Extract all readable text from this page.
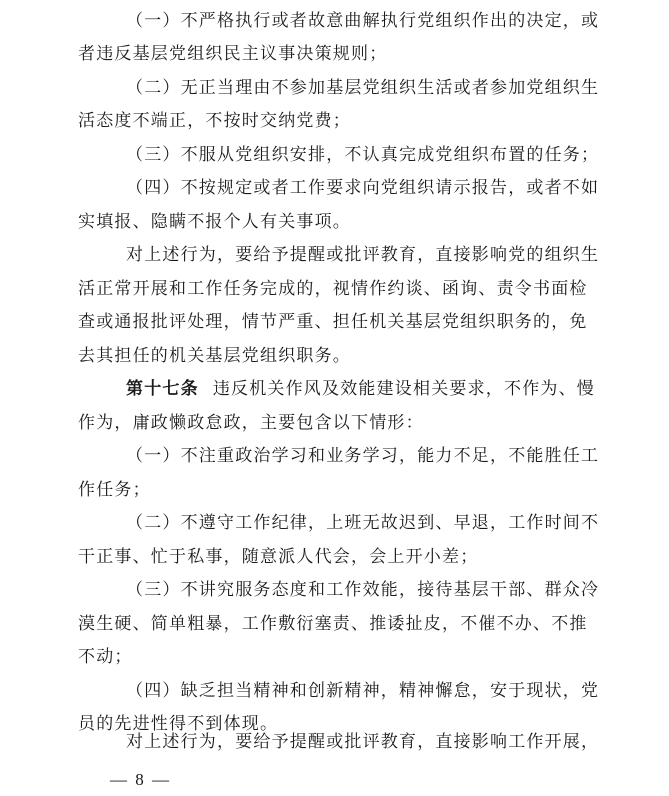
（一）不严格执行或者故意曲解执行党组织作出的决定，或
者违反基层党组织民主议事决策规则；
（二）无正当理由不参加基层党组织生活或者参加党组织生
活态度不端正，不按时交纳党费；
（三）不服从党组织安排，不认真完成党组织布置的任务；
（四）不按规定或者工作要求向党组织请示报告，或者不如
实填报、隐瞒不报个人有关事项。
对上述行为，要给予提醒或批评教育，直接影响党的组织生
活正常开展和工作任务完成的，视情作约谈、函询、责令书面检
查或通报批评处理，情节严重、担任机关基层党组织职务的，免
去其担任的机关基层党组织职务。
第十七条 违反机关作风及效能建设相关要求，不作为、慢
作为，庸政懒政怠政，主要包含以下情形：
（一）不注重政治学习和业务学习，能力不足，不能胜任工
作任务；
（二）不遵守工作纪律，上班无故迟到、早退，工作时间不
干正事、忙于私事，随意派人代会，会上开小差；
（三）不讲究服务态度和工作效能，接待基层干部、群众冷
漠生硬、简单粗暴，工作敷衍塞责、推诿扯皮，不催不办、不推
不动；
（四）缺乏担当精神和创新精神，精神懈怠，安于现状，党
员的先进性得不到体现。
对上述行为，要给予提醒或批评教育，直接影响工作开展，
— 8 —
